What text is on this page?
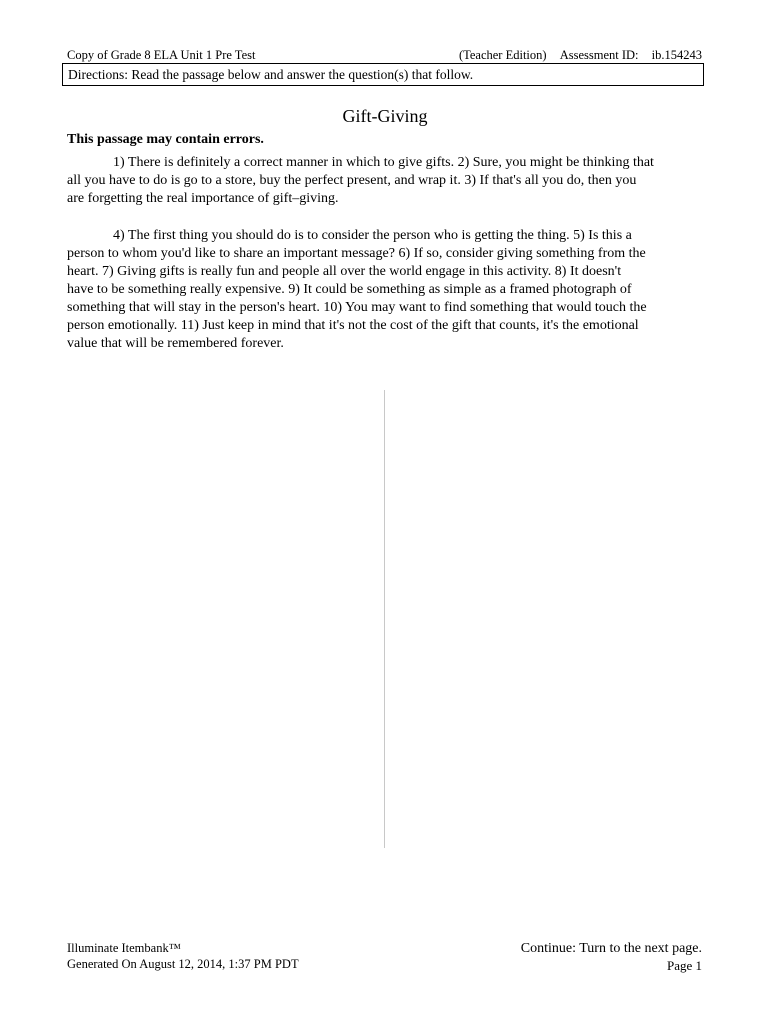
Copy of Grade 8 ELA Unit 1 Pre Test	(Teacher Edition) Assessment ID: ib.154243
Directions: Read the passage below and answer the question(s) that follow.
Gift-Giving
This passage may contain errors.
1) There is definitely a correct manner in which to give gifts. 2) Sure, you might be thinking that
all you have to do is go to a store, buy the perfect present, and wrap it. 3) If that's all you do, then you
are forgetting the real importance of gift–giving.
4) The first thing you should do is to consider the person who is getting the thing. 5) Is this a
person to whom you'd like to share an important message? 6) If so, consider giving something from the
heart. 7) Giving gifts is really fun and people all over the world engage in this activity. 8) It doesn't
have to be something really expensive. 9) It could be something as simple as a framed photograph of
something that will stay in the person's heart. 10) You may want to find something that would touch the
person emotionally. 11) Just keep in mind that it's not the cost of the gift that counts, it's the emotional
value that will be remembered forever.
Illuminate Itembank™
Generated On August 12, 2014, 1:37 PM PDT
Continue: Turn to the next page.
Page 1
